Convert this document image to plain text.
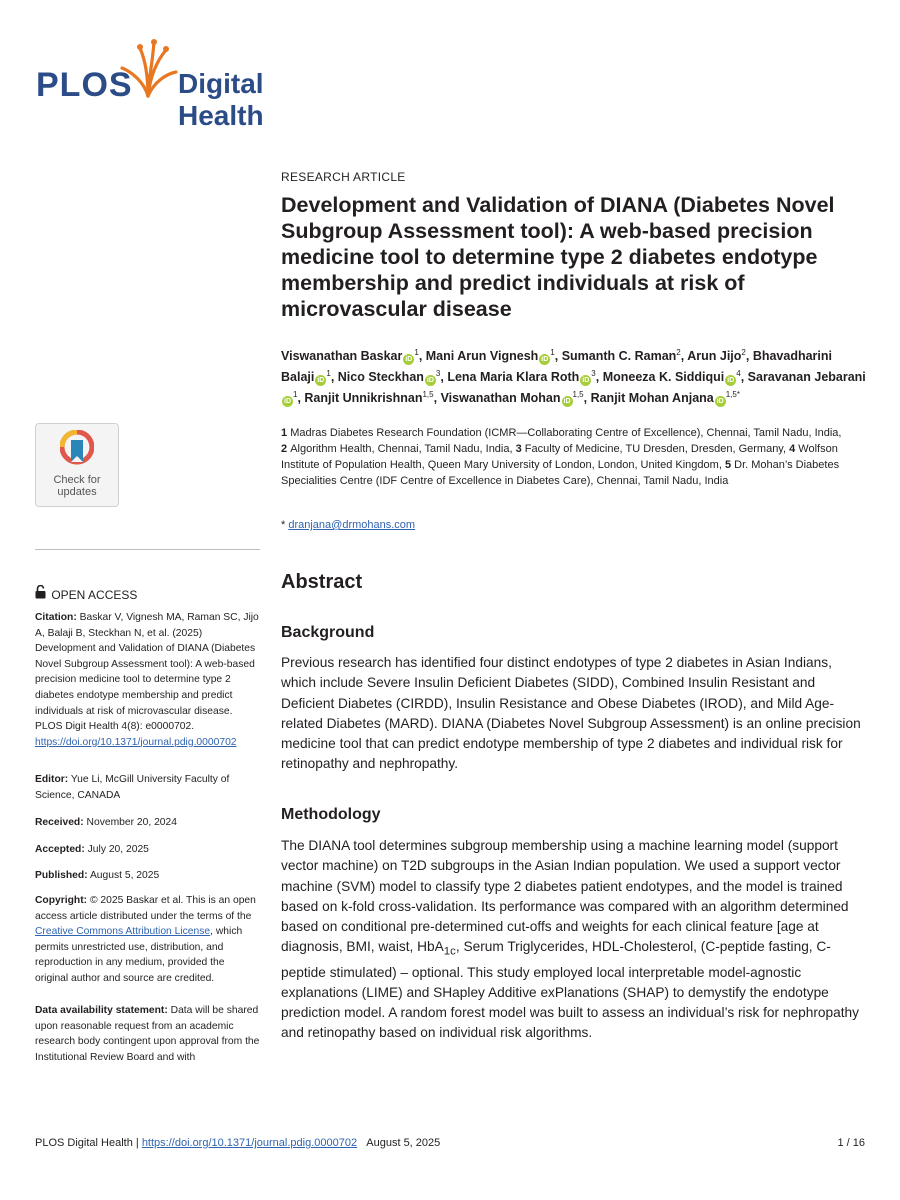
PLOS Digital Health
RESEARCH ARTICLE
Development and Validation of DIANA (Diabetes Novel Subgroup Assessment tool): A web-based precision medicine tool to determine type 2 diabetes endotype membership and predict individuals at risk of microvascular disease
Viswanathan Baskar $iD^1$, Mani Arun Vignesh $iD^1$, Sumanth C. Raman$^2$, Arun Jijo$^2$, Bhavadharini Balaji $iD^1$, Nico Steckhan $iD^3$, Lena Maria Klara Roth $iD^3$, Moneeza K. Siddiqui $iD^4$, Saravanan JebaraniiD$^1$, Ranjit Unnikrishnan$^{1,5}$, Viswanathan Mohan iD$^{1,5}$, Ranjit Mohan Anjana $iD^{1,5*}$
1 Madras Diabetes Research Foundation (ICMR—Collaborating Centre of Excellence), Chennai, Tamil Nadu, India, 2 Algorithm Health, Chennai, Tamil Nadu, India, 3 Faculty of Medicine, TU Dresden, Dresden, Germany, 4 Wolfson Institute of Population Health, Queen Mary University of London, London, United Kingdom, 5 Dr. Mohan’s Diabetes Specialities Centre (IDF Centre of Excellence in Diabetes Care), Chennai, Tamil Nadu, India
* dranjana@drmohans.com
Abstract
Background

Previous research has identified four distinct endotypes of type 2 diabetes in Asian Indians, which include Severe Insulin Deficient Diabetes (SIDD), Combined Insulin Resistant and Deficient Diabetes (CIRDD), Insulin Resistance and Obese Diabetes (IROD), and Mild Age-related Diabetes (MARD). DIANA (Diabetes Novel Subgroup Assessment) is an online precision medicine tool that can predict endotype membership of type 2 diabetes and individual risk for retinopathy and nephropathy.

Methodology

The DIANA tool determines subgroup membership using a machine learning model (support vector machine) on T2D subgroups in the Asian Indian population. We used a support vector machine (SVM) model to classify type 2 diabetes patient endotypes, and the model is trained based on k-fold cross-validation. Its performance was compared with an algorithm determined based on conditional pre-determined cut-offs and weights for each clinical feature [age at diagnosis, BMI, waist, HbA$_{1c}$, Serum Triglycerides, HDL-Cholesterol, (C-peptide fasting, C-peptide stimulated) – optional. This study employed local interpretable model-agnostic explanations (LIME) and SHapley Additive exPlanations (SHAP) to demystify the endotype prediction model. A random forest model was built to assess an individual’s risk for nephropathy and retinopathy based on individual risk algorithms.

Check for
updates
OPEN ACCESS
Citation: Baskar V, Vignesh MA, Raman SC, Jijo A, Balaji B, Steckhan N, et al. (2025) Development and Validation of DIANA (Diabetes Novel Subgroup Assessment tool): A web-based precision medicine tool to determine type 2 diabetes endotype membership and predict individuals at risk of microvascular disease. PLOS Digit Health 4(8): e0000702. https://doi.org/10.1371/journal.pdig.0000702
Editor: Yue Li, McGill University Faculty of Science, CANADA
Received: November 20, 2024
Accepted: July 20, 2025
Published: August 5, 2025
Copyright: © 2025 Baskar et al. This is an open access article distributed under the terms of the Creative Commons Attribution License, which permits unrestricted use, distribution, and reproduction in any medium, provided the original author and source are credited.
Data availability statement: Data will be shared upon reasonable request from an academic research body contingent upon approval from the Institutional Review Board and with
PLOS Digital Health | https://doi.org/10.1371/journal.pdig.0000702 August 5, 2025	1 / 16
